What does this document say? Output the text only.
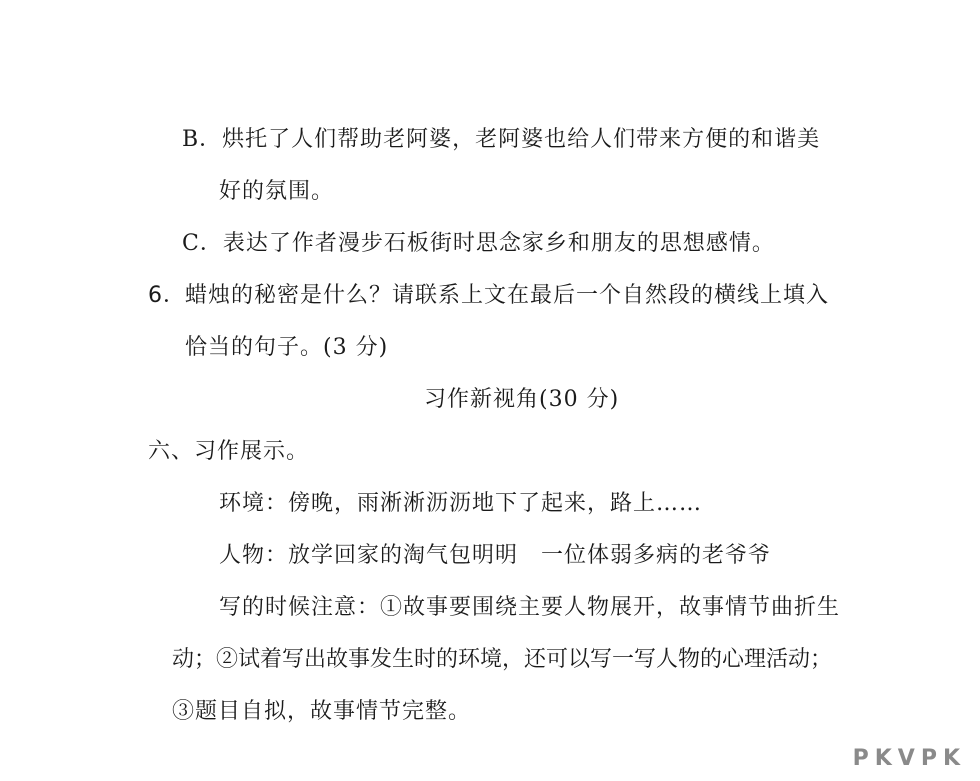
B．烘托了人们帮助老阿婆，老阿婆也给人们带来方便的和谐美
好的氛围。
C．表达了作者漫步石板街时思念家乡和朋友的思想感情。
6． 蜡烛的秘密是什么？请联系上文在最后一个自然段的横线上填入
恰当的句子。(3 分)
习作新视角(30 分)
六、习作展示。
环境：傍晚，雨淅淅沥沥地下了起来，路上……
人物：放学回家的淘气包明明　一位体弱多病的老爷爷
写的时候注意：①故事要围绕主要人物展开，故事情节曲折生
动；②试着写出故事发生时的环境，还可以写一写人物的心理活动；
③题目自拟，故事情节完整。
PKVPK
